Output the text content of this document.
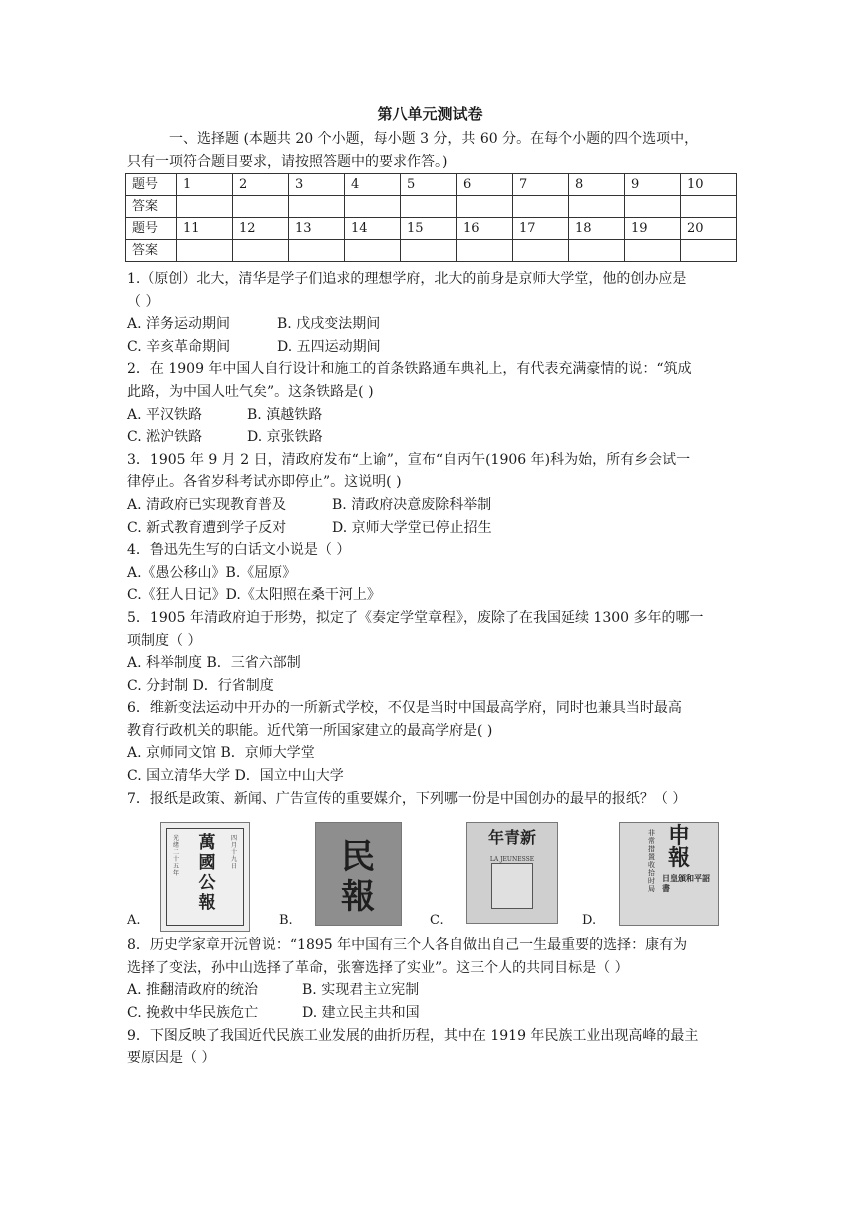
第八单元测试卷
一、选择题 (本题共 20 个小题，每小题 3 分，共 60 分。在每个小题的四个选项中，
只有一项符合题目要求，请按照答题中的要求作答。)
题号	1	2	3	4	5	6	7	8	9	10
答案										
题号	11	12	13	14	15	16	17	18	19	20
答案										

1.（原创）北大，清华是学子们追求的理想学府，北大的前身是京师大学堂，他的创办应是

（ ）

A. 洋务运动期间	B. 戊戌变法期间

C. 辛亥革命期间	D. 五四运动期间

2．在 1909 年中国人自行设计和施工的首条铁路通车典礼上，有代表充满豪情的说：“筑成

此路，为中国人吐气矣”。这条铁路是( )

A. 平汉铁路	B. 滇越铁路

C. 淞沪铁路	D. 京张铁路

3．1905 年 9 月 2 日，清政府发布“上谕”，宣布“自丙午(1906 年)科为始，所有乡会试一

律停止。各省岁科考试亦即停止”。这说明( )

A. 清政府已实现教育普及	B. 清政府决意废除科举制

C. 新式教育遭到学子反对	D. 京师大学堂已停止招生

4．鲁迅先生写的白话文小说是（ ）

A.《愚公移山》B.《屈原》

C.《狂人日记》D.《太阳照在桑干河上》

5．1905 年清政府迫于形势，拟定了《奏定学堂章程》，废除了在我国延续 1300 多年的哪一

项制度（ ）

A. 科举制度 B．三省六部制

C. 分封制 D．行省制度

6．维新变法运动中开办的一所新式学校，不仅是当时中国最高学府，同时也兼具当时最高

教育行政机关的职能。近代第一所国家建立的最高学府是( )

A. 京师同文馆 B．京师大学堂

C. 国立清华大学 D．国立中山大学

7．报纸是政策、新闻、广告宣传的重要媒介，下列哪一份是中国创办的最早的报纸？（ ）

A.
萬國公報
光绪二十五年
四月十九日
B.
民報
C.
新青年
LA JEUNESSE
D.
申報
非常措置收拾时局
日皇頒和平詔書

8．历史学家章开沅曾说：“1895 年中国有三个人各自做出自己一生最重要的选择：康有为

选择了变法，孙中山选择了革命，张謇选择了实业”。这三个人的共同目标是（ ）

A. 推翻清政府的统治	B. 实现君主立宪制

C. 挽救中华民族危亡	D. 建立民主共和国

9．下图反映了我国近代民族工业发展的曲折历程，其中在 1919 年民族工业出现高峰的最主

要原因是（ ）
